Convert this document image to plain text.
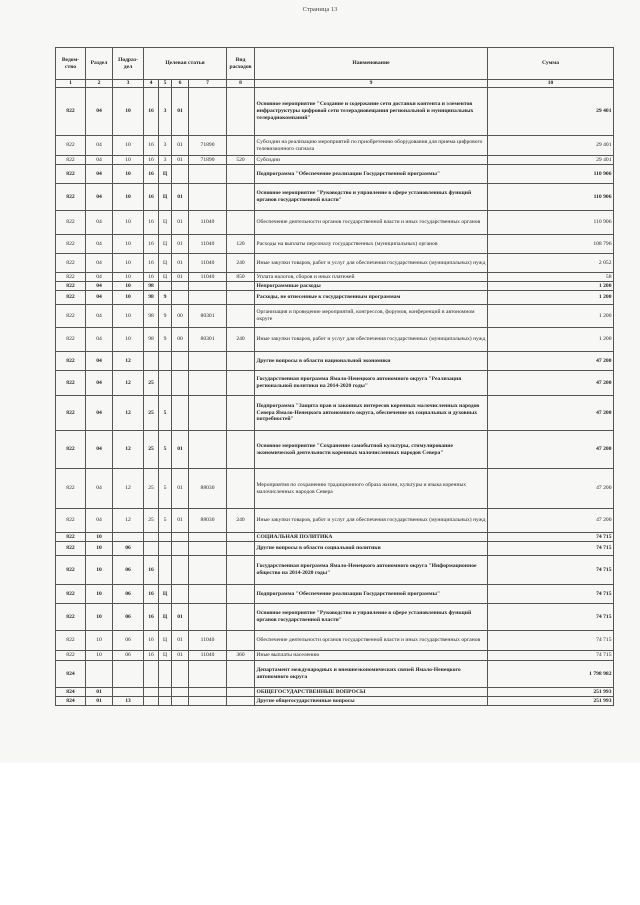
Страница 13
Ведом-ство	Раздел	Подраз-дел	Целевая статья				Вид расходов	Наименование	Сумма
1	2	3	4	5	6	7	8	9	10
822	04	10	16	3	01			Основное мероприятие "Создание и содержание сети доставки контента и элементов инфраструктуры цифровой сети телерадиовещания региональной и муниципальных телерадиокомпаний"	29 401
822	04	10	16	3	01	71890		Субсидии на реализацию мероприятий по приобретению оборудования для приема цифрового телевизионного сигнала	29 401
822	04	10	16	3	01	71890	520	Субсидии	29 401
822	04	10	16	Ц				Подпрограмма "Обеспечение реализации Государственной программы"	110 906
822	04	10	16	Ц	01			Основное мероприятие "Руководство и управление в сфере установленных функций органов государственной власти"	110 906
822	04	10	16	Ц	01	11040		Обеспечение деятельности органов государственной власти и иных государственных органов	110 906
822	04	10	16	Ц	01	11040	120	Расходы на выплаты персоналу государственных (муниципальных) органов	108 796
822	04	10	16	Ц	01	11040	240	Иные закупки товаров, работ и услуг для обеспечения государственных (муниципальных) нужд	2 052
822	04	10	16	Ц	01	11040	850	Уплата налогов, сборов и иных платежей	58
822	04	10	98					Непрограммные расходы	1 200
822	04	10	98	9				Расходы, не отнесенные к государственным программам	1 200
822	04	10	98	9	00	80301		Организация и проведение мероприятий, конгрессов, форумов, конференций в автономном округе	1 200
822	04	10	98	9	00	80301	240	Иные закупки товаров, работ и услуг для обеспечения государственных (муниципальных) нужд	1 200
822	04	12						Другие вопросы в области национальной экономики	47 200
822	04	12	25					Государственная программа Ямало-Ненецкого автономного округа "Реализация региональной политики на 2014-2020 годы"	47 200
822	04	12	25	5				Подпрограмма "Защита прав и законных интересов коренных малочисленных народов Севера Ямало-Ненецкого автономного округа, обеспечение их социальных и духовных потребностей"	47 200
822	04	12	25	5	01			Основное мероприятие "Сохранение самобытной культуры, стимулирование экономической деятельности коренных малочисленных народов Севера"	47 200
822	04	12	25	5	01	88030		Мероприятия по сохранению традиционного образа жизни, культуры и языка коренных малочисленных народов Севера	47 200
822	04	12	25	5	01	88030	240	Иные закупки товаров, работ и услуг для обеспечения государственных (муниципальных) нужд	47 200
822	10							СОЦИАЛЬНАЯ ПОЛИТИКА	74 715
822	10	06						Другие вопросы в области социальной политики	74 715
822	10	06	16					Государственная программа Ямало-Ненецкого автономного округа "Информационное общество на 2014-2020 годы"	74 715
822	10	06	16	Ц				Подпрограмма "Обеспечение реализации Государственной программы"	74 715
822	10	06	16	Ц	01			Основное мероприятие "Руководство и управление в сфере установленных функций органов государственной власти"	74 715
822	10	06	16	Ц	01	11040		Обеспечение деятельности органов государственной власти и иных государственных органов	74 715
822	10	06	16	Ц	01	11040	360	Иные выплаты населению	74 715
824								Департамент международных и внешнеэкономических связей Ямало-Ненецкого автономного округа	1 798 982
824	01							ОБЩЕГОСУДАРСТВЕННЫЕ ВОПРОСЫ	251 993
824	01	13						Другие общегосударственные вопросы	251 993
